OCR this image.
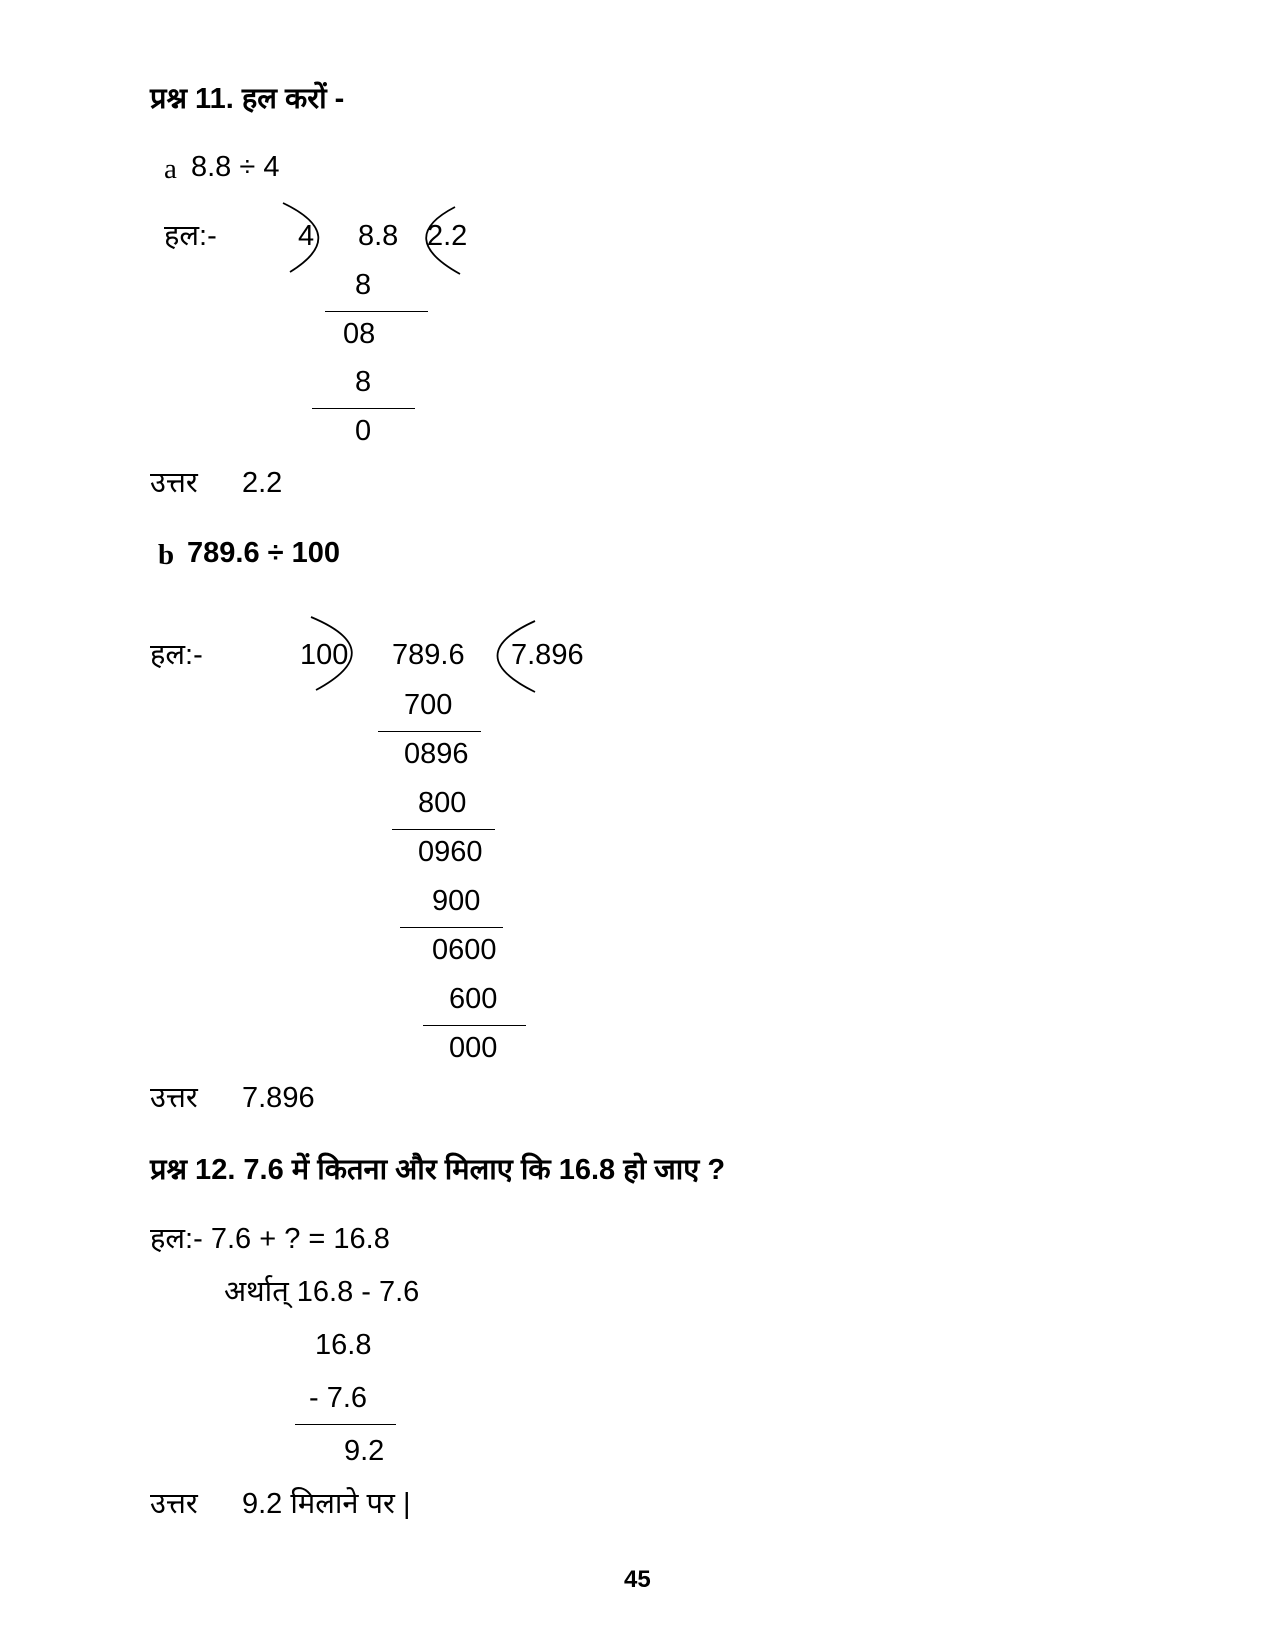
प्रश्न 11. हल करों -
a 8.8 ÷ 4
हल:-	4 8.8 2.2
8
08
8
0
उत्तर 2.2
b 789.6 ÷ 100
हल:-	100 789.6 7.896
700
0896
800
0960
900
0600
600
000
उत्तर 7.896
प्रश्न 12. 7.6 में कितना और मिलाए कि 16.8 हो जाए ?
हल:- 7.6 + ? = 16.8
अर्थात् 16.8 - 7.6
16.8
- 7.6
9.2
उत्तर 9.2 मिलाने पर |
45
